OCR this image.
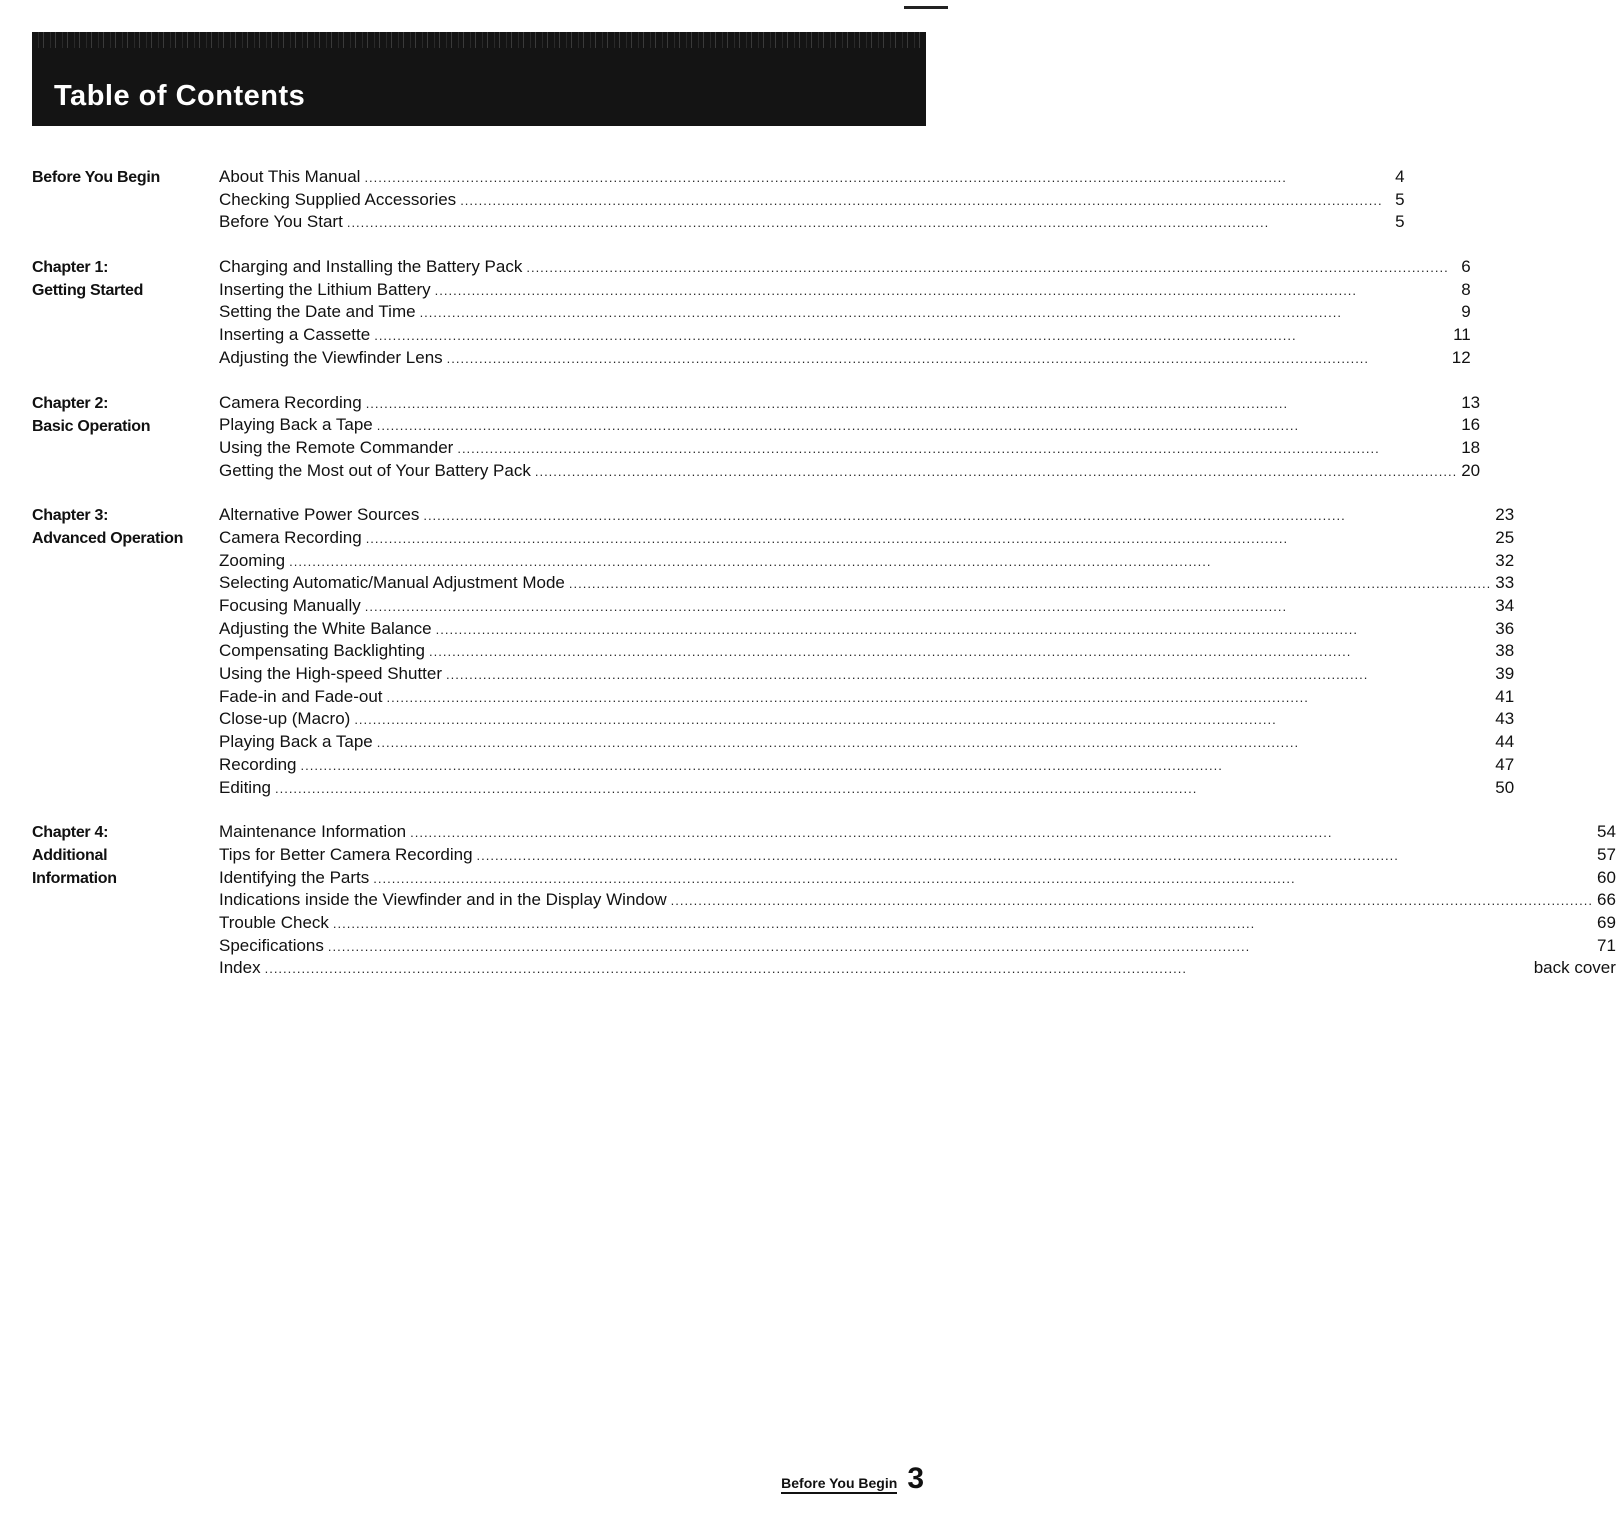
Table of Contents
Before You Begin	About This Manual ........................................................................................................................................................................................................	4
Checking Supplied Accessories ........................................................................................................................................................................................................ 5
Before You Start ........................................................................................................................................................................................................	5
Chapter 1:
Getting Started
Charging and Installing the Battery Pack ........................................................................................................................................................................................................ 6
Inserting the Lithium Battery ........................................................................................................................................................................................................	8
Setting the Date and Time ........................................................................................................................................................................................................	9
Inserting a Cassette ........................................................................................................................................................................................................	11
Adjusting the Viewfinder Lens ........................................................................................................................................................................................................	12
Chapter 2:
Basic Operation
Camera Recording ........................................................................................................................................................................................................	13
Playing Back a Tape ........................................................................................................................................................................................................	16
Using the Remote Commander ........................................................................................................................................................................................................	18
Getting the Most out of Your Battery Pack ........................................................................................................................................................................................................ 20
Chapter 3:
Advanced Operation
Alternative Power Sources ........................................................................................................................................................................................................	23
Camera Recording ........................................................................................................................................................................................................	25
Zooming ........................................................................................................................................................................................................	32
Selecting Automatic/Manual Adjustment Mode ........................................................................................................................................................................................................ 33
Focusing Manually ........................................................................................................................................................................................................	34
Adjusting the White Balance ........................................................................................................................................................................................................	36
Compensating Backlighting ........................................................................................................................................................................................................	38
Using the High-speed Shutter ........................................................................................................................................................................................................	39
Fade-in and Fade-out ........................................................................................................................................................................................................	41
Close-up (Macro) ........................................................................................................................................................................................................	43
Playing Back a Tape ........................................................................................................................................................................................................	44
Recording ........................................................................................................................................................................................................	47
Editing ........................................................................................................................................................................................................	50
Chapter 4:
Additional
Information
Maintenance Information ........................................................................................................................................................................................................	54
Tips for Better Camera Recording ........................................................................................................................................................................................................	57
Identifying the Parts ........................................................................................................................................................................................................	60
Indications inside the Viewfinder and in the Display Window ........................................................................................................................................................................................................ 66
Trouble Check ........................................................................................................................................................................................................	69
Specifications ........................................................................................................................................................................................................	71
Index ........................................................................................................................................................................................................	back cover
Before You Begin 3
